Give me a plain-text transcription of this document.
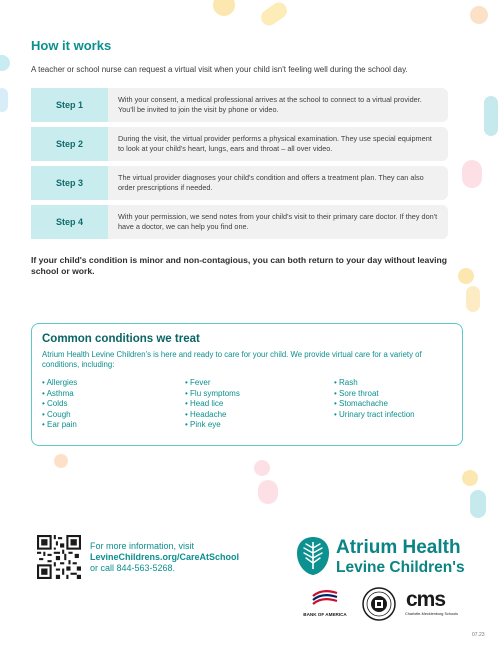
How it works
A teacher or school nurse can request a virtual visit when your child isn't feeling well during the school day.
Step 1
With your consent, a medical professional arrives at the school to connect to a virtual provider. You'll be invited to join the visit by phone or video.
Step 2
During the visit, the virtual provider performs a physical examination. They use special equipment to look at your child's heart, lungs, ears and throat – all over video.
Step 3
The virtual provider diagnoses your child's condition and offers a treatment plan. They can also order prescriptions if needed.
Step 4
With your permission, we send notes from your child's visit to their primary care doctor. If they don't have a doctor, we can help you find one.
If your child's condition is minor and non-contagious, you can both return to your day without leaving school or work.
Common conditions we treat
Atrium Health Levine Children's is here and ready to care for your child. We provide virtual care for a variety of conditions, including:
• Allergies
• Asthma
• Colds
• Cough
• Ear pain
• Fever
• Flu symptoms
• Head lice
• Headache
• Pink eye
• Rash
• Sore throat
• Stomachache
• Urinary tract infection
For more information, visit
LevineChildrens.org/CareAtSchool
or call 844-563-5268.
Atrium Health
Levine Children's
BANK OF AMERICA
cms
Charlotte-Mecklenburg Schools
07.23
